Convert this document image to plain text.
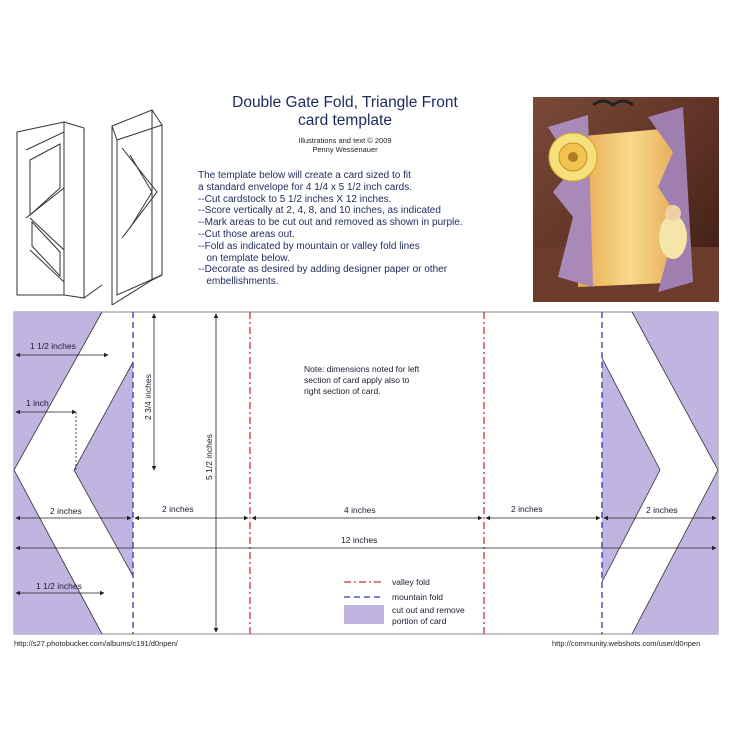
Double Gate Fold, Triangle Front
card template
Illustrations and text © 2009
Penny Wessenauer
The template below will create a card sized to fit
a standard envelope for 4 1/4 x 5 1/2 inch cards.
--Cut cardstock to 5 1/2 inches X 12 inches.
--Score vertically at 2, 4, 8, and 10 inches, as indicated
--Mark areas to be cut out and removed as shown in purple.
--Cut those areas out.
--Fold as indicated by mountain or valley fold lines
on template below.
--Decorate as desired by adding designer paper or other
embellishments.
1 1/2 inches
1 inch	2 3/4 inches
5 1/2 inches
2 inches	2 inches	4 inches	2 inches	2 inches
12 inches
1 1/2 inches
Note: dimensions noted for left
section of card apply also to
right section of card.
valley fold
mountain fold
cut out and remove
portion of card
http://s27.photobucket.com/albums/c191/d0npen/	http://community.webshots.com/user/d0npen
